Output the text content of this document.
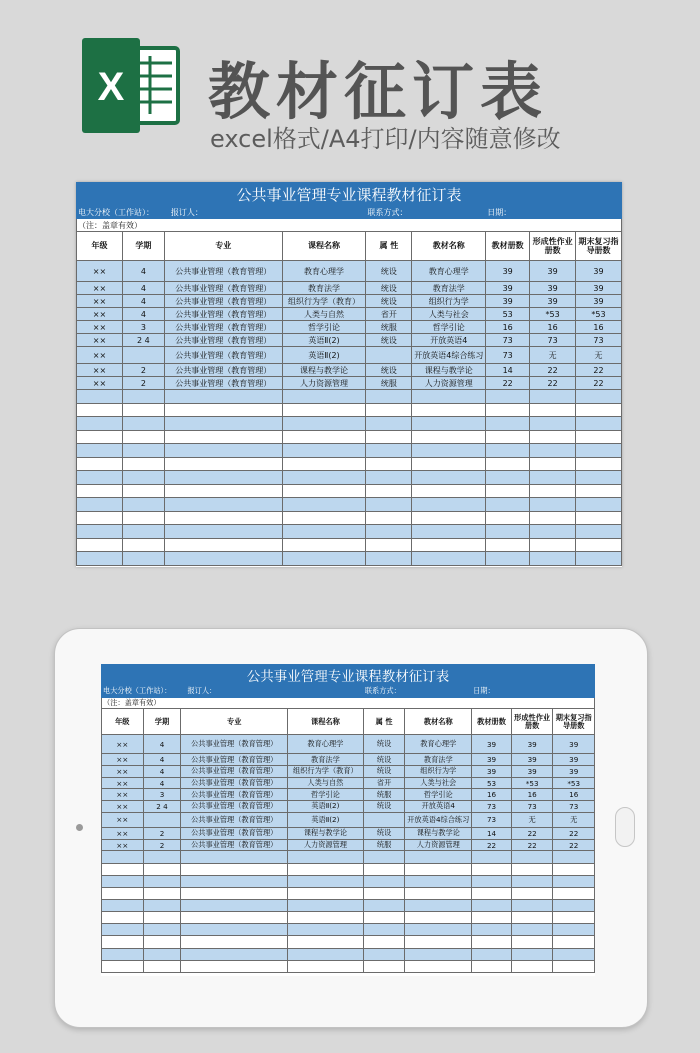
X 教材征订表
excel格式/A4打印/内容随意修改
公共事业管理专业课程教材征订表								
电大分校（工作站）：		报订人：		联系方式：		日期：		
（注：盖章有效）								
年级	学期	专业	课程名称	属 性	教材名称	教材册数	形成性作业册数	期末复习指导册数
××	4	公共事业管理（教育管理）	教育心理学	统设	教育心理学	39	39	39
××	4	公共事业管理（教育管理）	教育法学	统设	教育法学	39	39	39
××	4	公共事业管理（教育管理）	组织行为学（教育）	统设	组织行为学	39	39	39
××	4	公共事业管理（教育管理）	人类与自然	省开	人类与社会	53	*53	*53
××	3	公共事业管理（教育管理）	哲学引论	统服	哲学引论	16	16	16
××	2 4	公共事业管理（教育管理）	英语Ⅱ(2)	统设	开放英语4	73	73	73
××		公共事业管理（教育管理）	英语Ⅱ(2)		开放英语4综合练习	73	无	无
××	2	公共事业管理（教育管理）	课程与教学论	统设	课程与教学论	14	22	22
××	2	公共事业管理（教育管理）	人力资源管理	统服	人力资源管理	22	22	22

公共事业管理专业课程教材征订表								
电大分校（工作站）：		报订人：		联系方式：		日期：		
（注：盖章有效）								
年级	学期	专业	课程名称	属 性	教材名称	教材册数	形成性作业册数	期末复习指导册数
××	4	公共事业管理（教育管理）	教育心理学	统设	教育心理学	39	39	39
××	4	公共事业管理（教育管理）	教育法学	统设	教育法学	39	39	39
××	4	公共事业管理（教育管理）	组织行为学（教育）	统设	组织行为学	39	39	39
××	4	公共事业管理（教育管理）	人类与自然	省开	人类与社会	53	*53	*53
××	3	公共事业管理（教育管理）	哲学引论	统服	哲学引论	16	16	16
××	2 4	公共事业管理（教育管理）	英语Ⅱ(2)	统设	开放英语4	73	73	73
××		公共事业管理（教育管理）	英语Ⅱ(2)		开放英语4综合练习	73	无	无
××	2	公共事业管理（教育管理）	课程与教学论	统设	课程与教学论	14	22	22
××	2	公共事业管理（教育管理）	人力资源管理	统服	人力资源管理	22	22	22
